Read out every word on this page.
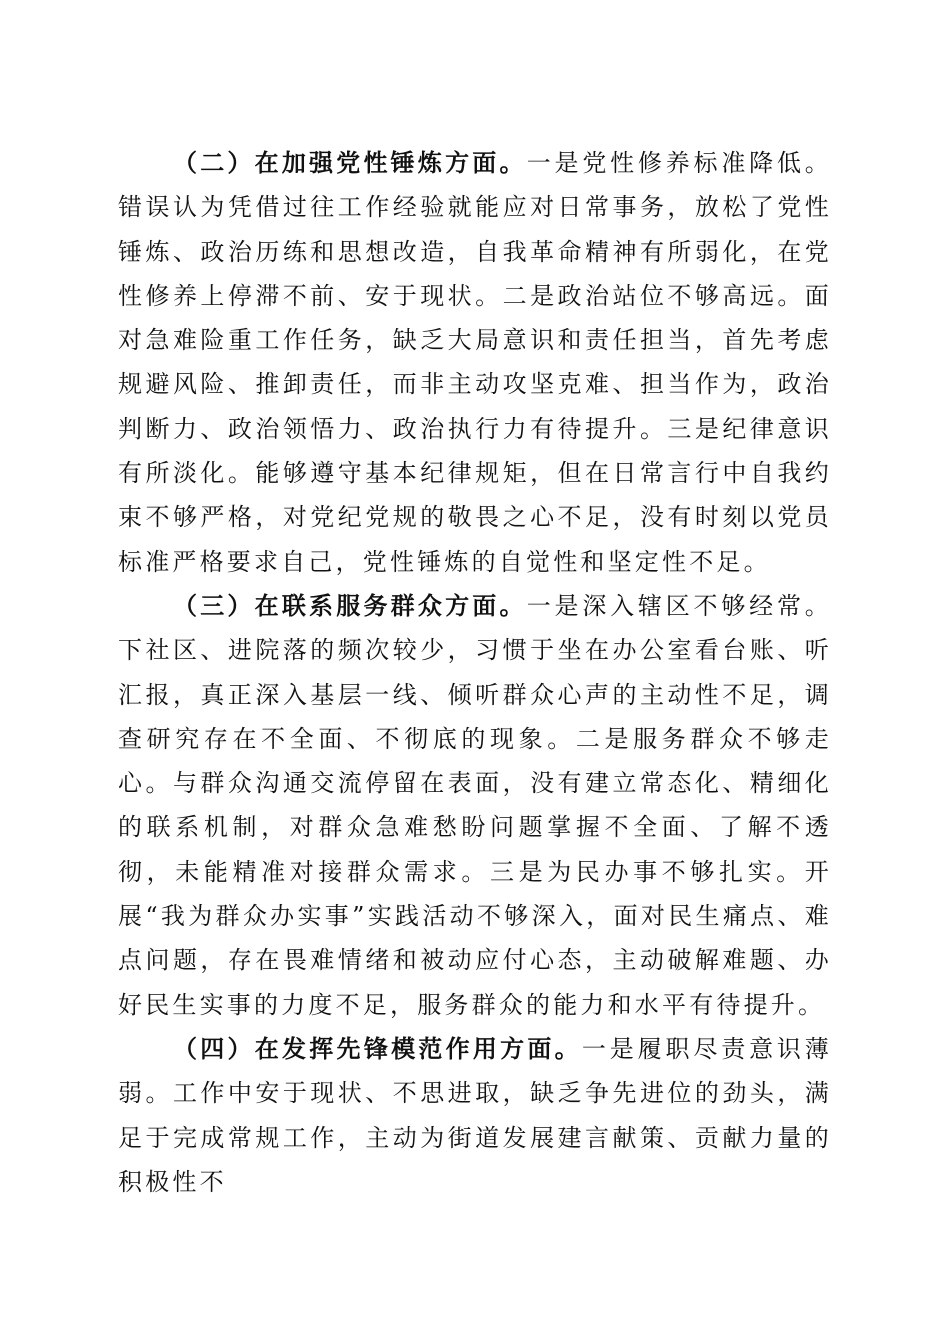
（二）在加强党性锤炼方面。一是党性修养标准降低。错误认为凭借过往工作经验就能应对日常事务，放松了党性锤炼、政治历练和思想改造，自我革命精神有所弱化，在党性修养上停滞不前、安于现状。二是政治站位不够高远。面对急难险重工作任务，缺乏大局意识和责任担当，首先考虑规避风险、推卸责任，而非主动攻坚克难、担当作为，政治判断力、政治领悟力、政治执行力有待提升。三是纪律意识有所淡化。能够遵守基本纪律规矩，但在日常言行中自我约束不够严格，对党纪党规的敬畏之心不足，没有时刻以党员标准严格要求自己，党性锤炼的自觉性和坚定性不足。

（三）在联系服务群众方面。一是深入辖区不够经常。下社区、进院落的频次较少，习惯于坐在办公室看台账、听汇报，真正深入基层一线、倾听群众心声的主动性不足，调查研究存在不全面、不彻底的现象。二是服务群众不够走心。与群众沟通交流停留在表面，没有建立常态化、精细化的联系机制，对群众急难愁盼问题掌握不全面、了解不透彻，未能精准对接群众需求。三是为民办事不够扎实。开展“我为群众办实事”实践活动不够深入，面对民生痛点、难点问题，存在畏难情绪和被动应付心态，主动破解难题、办好民生实事的力度不足，服务群众的能力和水平有待提升。

（四）在发挥先锋模范作用方面。一是履职尽责意识薄弱。工作中安于现状、不思进取，缺乏争先进位的劲头，满足于完成常规工作，主动为街道发展建言献策、贡献力量的积极性不
